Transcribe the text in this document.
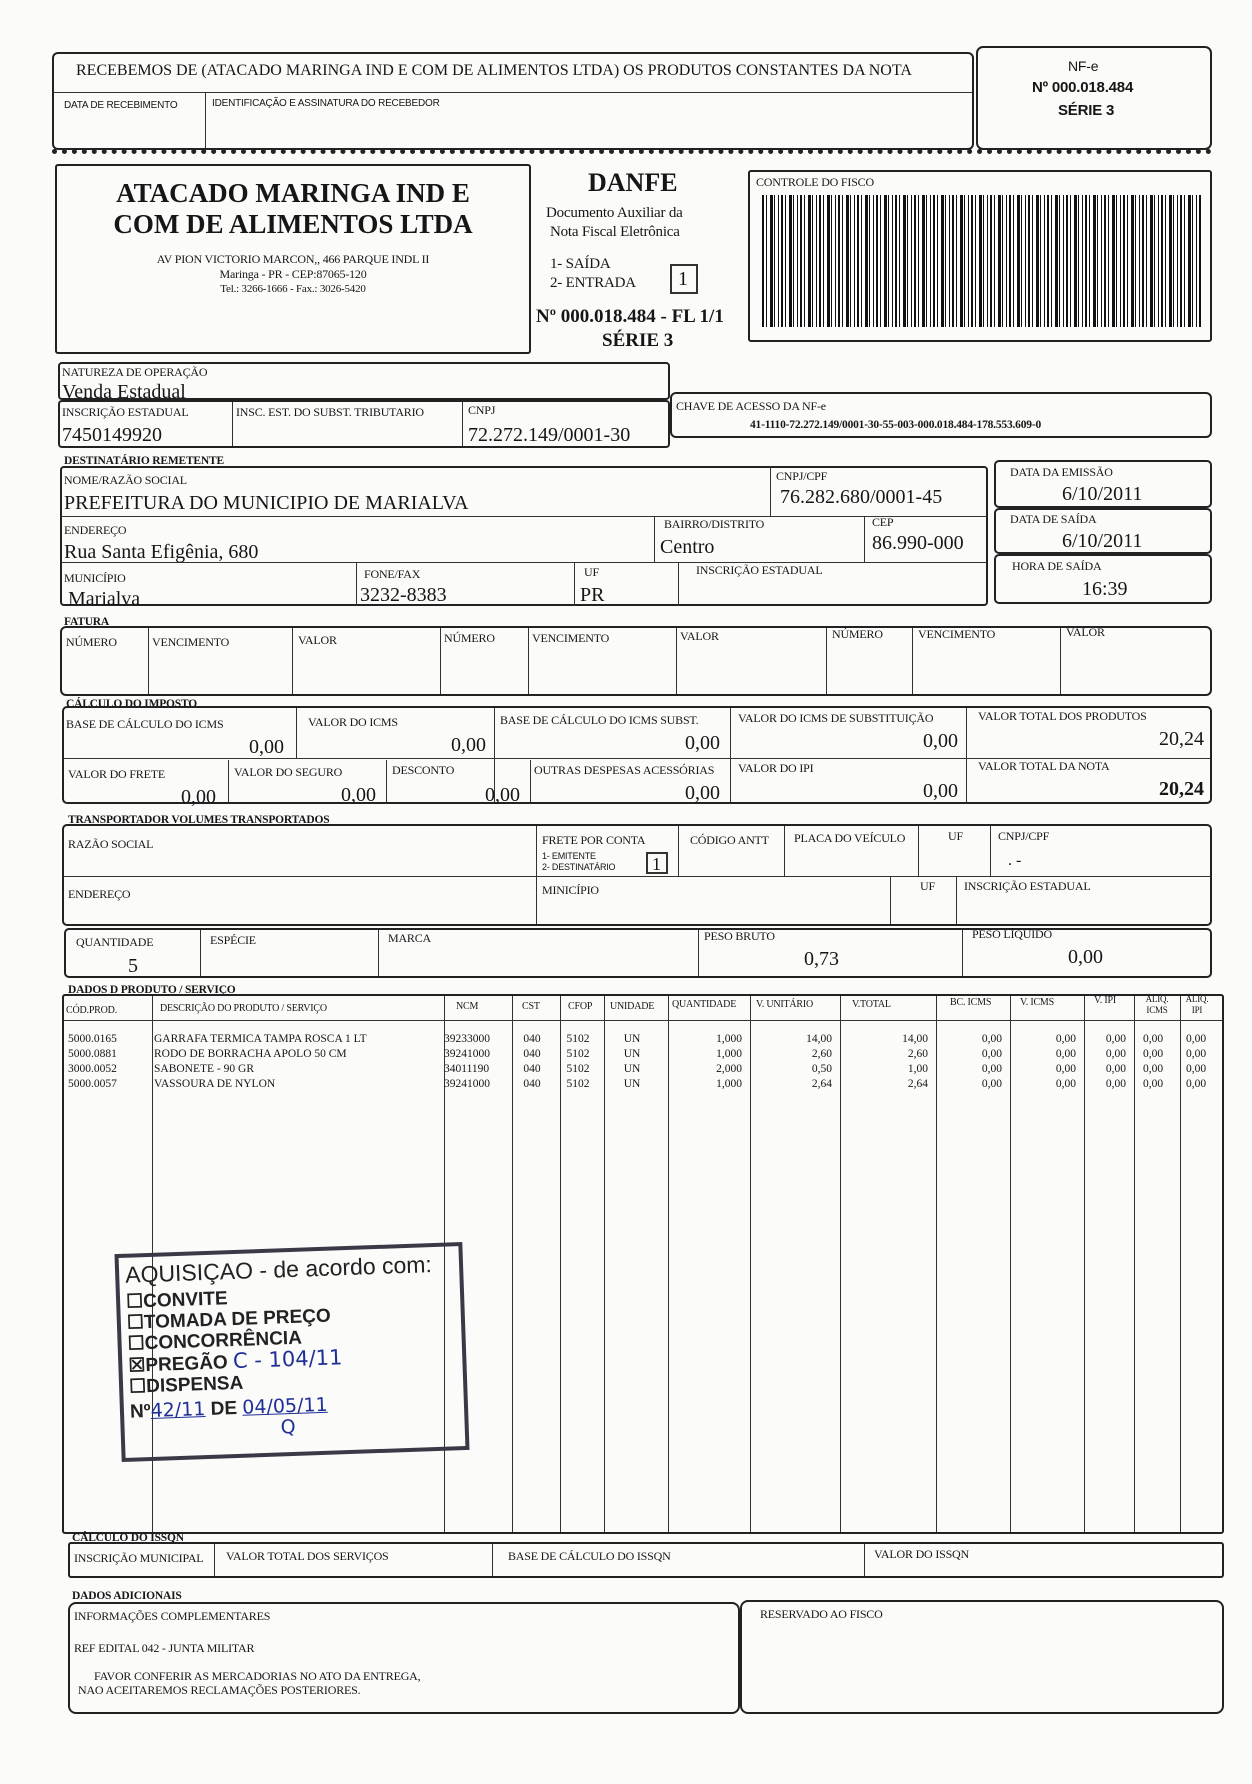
RECEBEMOS DE (ATACADO MARINGA IND E COM DE ALIMENTOS LTDA) OS PRODUTOS CONSTANTES DA NOTA
DATA DE RECEBIMENTO	IDENTIFICAÇÃO E ASSINATURA DO RECEBEDOR
NF-e
Nº 000.018.484
SÉRIE 3
ATACADO MARINGA IND E
COM DE ALIMENTOS LTDA
AV PION VICTORIO MARCON,, 466 PARQUE INDL II
Maringa - PR - CEP:87065-120
Tel.: 3266-1666 - Fax.: 3026-5420
DANFE
Documento Auxiliar da
Nota Fiscal Eletrônica
1- SAÍDA
2- ENTRADA 1
Nº 000.018.484 - FL 1/1
SÉRIE 3
CONTROLE DO FISCO
NATUREZA DE OPERAÇÃO
Venda Estadual
INSCRIÇÃO ESTADUAL
7450149920
INSC. EST. DO SUBST. TRIBUTARIO	CNPJ
72.272.149/0001-30
CHAVE DE ACESSO DA NF-e
41-1110-72.272.149/0001-30-55-003-000.018.484-178.553.609-0
DESTINATÁRIO REMETENTE
NOME/RAZÃO SOCIAL
PREFEITURA DO MUNICIPIO DE MARIALVA
CNPJ/CPF
76.282.680/0001-45
ENDEREÇO
Rua Santa Efigênia, 680
BAIRRO/DISTRITO
Centro
CEP
86.990-000
MUNICÍPIO
Marialva
FONE/FAX
3232-8383
UF
PR
INSCRIÇÃO ESTADUAL
DATA DA EMISSÃO
6/10/2011
DATA DE SAÍDA
6/10/2011
HORA DE SAÍDA
16:39
FATURA
NÚMERO	VENCIMENTO	VALOR	NÚMERO	VENCIMENTO	VALOR	NÚMERO	VENCIMENTO	VALOR
CÁLCULO DO IMPOSTO
BASE DE CÁLCULO DO ICMS
0,00
VALOR DO ICMS
0,00
BASE DE CÁLCULO DO ICMS SUBST.
0,00
VALOR DO ICMS DE SUBSTITUIÇÃO
0,00
VALOR TOTAL DOS PRODUTOS
20,24
VALOR DO FRETE
0,00
VALOR DO SEGURO
0,00
DESCONTO
0,00
OUTRAS DESPESAS ACESSÓRIAS
0,00
VALOR DO IPI
0,00
VALOR TOTAL DA NOTA
20,24
TRANSPORTADOR VOLUMES TRANSPORTADOS
RAZÃO SOCIAL	FRETE POR CONTA
1- EMITENTE
2- DESTINATÁRIO 1
CÓDIGO ANTT PLACA DO VEÍCULO	UF	CNPJ/CPF
. -
ENDEREÇO	MINICÍPIO	UF INSCRIÇÃO ESTADUAL
QUANTIDADE
5
ESPÉCIE	MARCA	PESO BRUTO
0,73
PESO LÍQUIDO
0,00
DADOS D PRODUTO / SERVIÇO
CÓD.PROD.	DESCRIÇÃO DO PRODUTO / SERVIÇO	NCM	CST	CFOP UNIDADE QUANTIDADE V. UNITÁRIO	V.TOTAL	BC. ICMS	V. ICMS	V. IPI	ALIQ. ICMS
ALIQ. IPI
5000.0165	GARRAFA TERMICA TAMPA ROSCA 1 LT	39233000	040	5102	UN	1,000	14,00	14,00	0,00	0,00	0,00	0,00	0,00
5000.0881	RODO DE BORRACHA APOLO 50 CM	39241000	040	5102	UN	1,000	2,60	2,60	0,00	0,00	0,00	0,00	0,00
3000.0052	SABONETE - 90 GR	34011190	040	5102	UN	2,000	0,50	1,00	0,00	0,00	0,00	0,00	0,00
5000.0057	VASSOURA DE NYLON	39241000	040	5102	UN	1,000	2,64	2,64	0,00	0,00	0,00	0,00	0,00
AQUISIÇAO - de acordo com:
☐CONVITE
☐TOMADA DE PREÇO
☐CONCORRÊNCIA
☒PREGÃO C - 104/11
☐DISPENSA
Nº42/11 DE 04/05/11
Q
CÁLCULO DO ISSQN
INSCRIÇÃO MUNICIPAL VALOR TOTAL DOS SERVIÇOS	BASE DE CÁLCULO DO ISSQN	VALOR DO ISSQN
DADOS ADICIONAIS
INFORMAÇÕES COMPLEMENTARES
REF EDITAL 042 - JUNTA MILITAR
FAVOR CONFERIR AS MERCADORIAS NO ATO DA ENTREGA,
NAO ACEITAREMOS RECLAMAÇÕES POSTERIORES.
RESERVADO AO FISCO
